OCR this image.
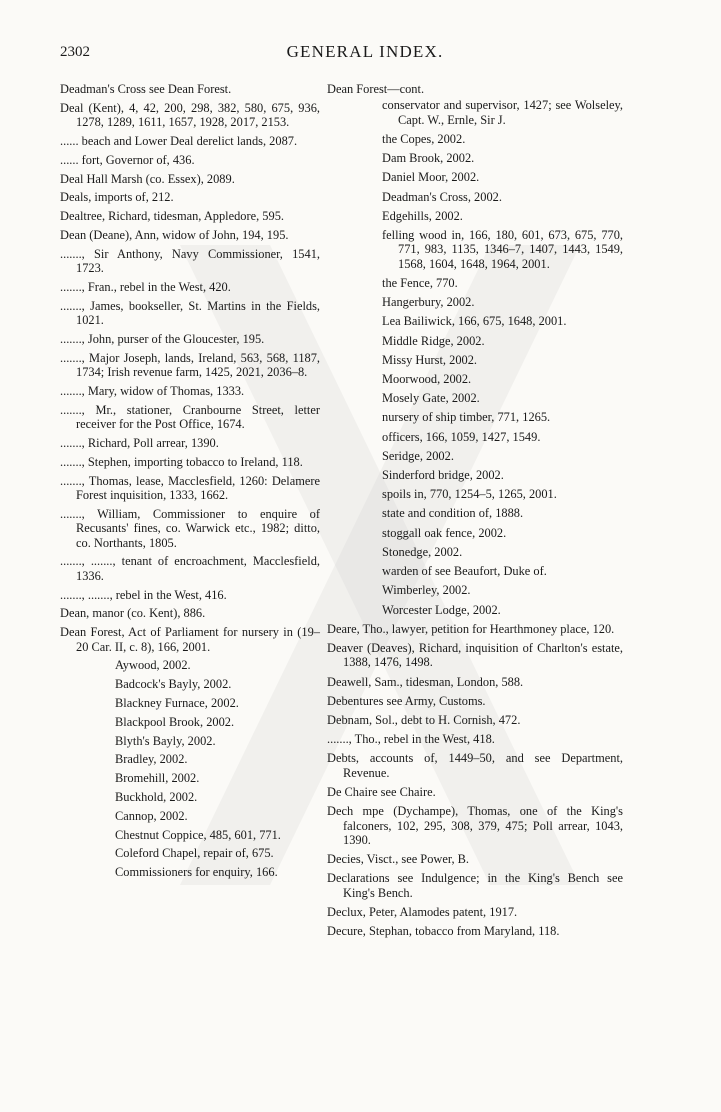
2302	GENERAL INDEX.
Deadman's Cross see Dean Forest.
Deal (Kent), 4, 42, 200, 298, 382, 580, 675, 936, 1278, 1289, 1611, 1657, 1928, 2017, 2153.
...... beach and Lower Deal derelict lands, 2087.
...... fort, Governor of, 436.
Deal Hall Marsh (co. Essex), 2089.
Deals, imports of, 212.
Dealtree, Richard, tidesman, Appledore, 595.
Dean (Deane), Ann, widow of John, 194, 195.
......., Sir Anthony, Navy Commissioner, 1541, 1723.
......., Fran., rebel in the West, 420.
......., James, bookseller, St. Martins in the Fields, 1021.
......., John, purser of the Gloucester, 195.
......., Major Joseph, lands, Ireland, 563, 568, 1187, 1734; Irish revenue farm, 1425, 2021, 2036–8.
......., Mary, widow of Thomas, 1333.
......., Mr., stationer, Cranbourne Street, letter receiver for the Post Office, 1674.
......., Richard, Poll arrear, 1390.
......., Stephen, importing tobacco to Ireland, 118.
......., Thomas, lease, Macclesfield, 1260: Delamere Forest inquisition, 1333, 1662.
......., William, Commissioner to enquire of Recusants' fines, co. Warwick etc., 1982; ditto, co. Northants, 1805.
......., ......., tenant of encroachment, Macclesfield, 1336.
......., ......., rebel in the West, 416.
Dean, manor (co. Kent), 886.
Dean Forest, Act of Parliament for nursery in (19–20 Car. II, c. 8), 166, 2001.
Aywood, 2002.
Badcock's Bayly, 2002.
Blackney Furnace, 2002.
Blackpool Brook, 2002.
Blyth's Bayly, 2002.
Bradley, 2002.
Bromehill, 2002.
Buckhold, 2002.
Cannop, 2002.
Chestnut Coppice, 485, 601, 771.
Coleford Chapel, repair of, 675.
Commissioners for enquiry, 166.
Dean Forest—cont.
conservator and supervisor, 1427; see Wolseley, Capt. W., Ernle, Sir J.
the Copes, 2002.
Dam Brook, 2002.
Daniel Moor, 2002.
Deadman's Cross, 2002.
Edgehills, 2002.
felling wood in, 166, 180, 601, 673, 675, 770, 771, 983, 1135, 1346–7, 1407, 1443, 1549, 1568, 1604, 1648, 1964, 2001.
the Fence, 770.
Hangerbury, 2002.
Lea Bailiwick, 166, 675, 1648, 2001.
Middle Ridge, 2002.
Missy Hurst, 2002.
Moorwood, 2002.
Mosely Gate, 2002.
nursery of ship timber, 771, 1265.
officers, 166, 1059, 1427, 1549.
Seridge, 2002.
Sinderford bridge, 2002.
spoils in, 770, 1254–5, 1265, 2001.
state and condition of, 1888.
stoggall oak fence, 2002.
Stonedge, 2002.
warden of see Beaufort, Duke of.
Wimberley, 2002.
Worcester Lodge, 2002.
Deare, Tho., lawyer, petition for Hearthmoney place, 120.
Deaver (Deaves), Richard, inquisition of Charlton's estate, 1388, 1476, 1498.
Deawell, Sam., tidesman, London, 588.
Debentures see Army, Customs.
Debnam, Sol., debt to H. Cornish, 472.
......., Tho., rebel in the West, 418.
Debts, accounts of, 1449–50, and see Department, Revenue.
De Chaire see Chaire.
Dech mpe (Dychampe), Thomas, one of the King's falconers, 102, 295, 308, 379, 475; Poll arrear, 1043, 1390.
Decies, Visct., see Power, B.
Declarations see Indulgence; in the King's Bench see King's Bench.
Declux, Peter, Alamodes patent, 1917.
Decure, Stephan, tobacco from Maryland, 118.
